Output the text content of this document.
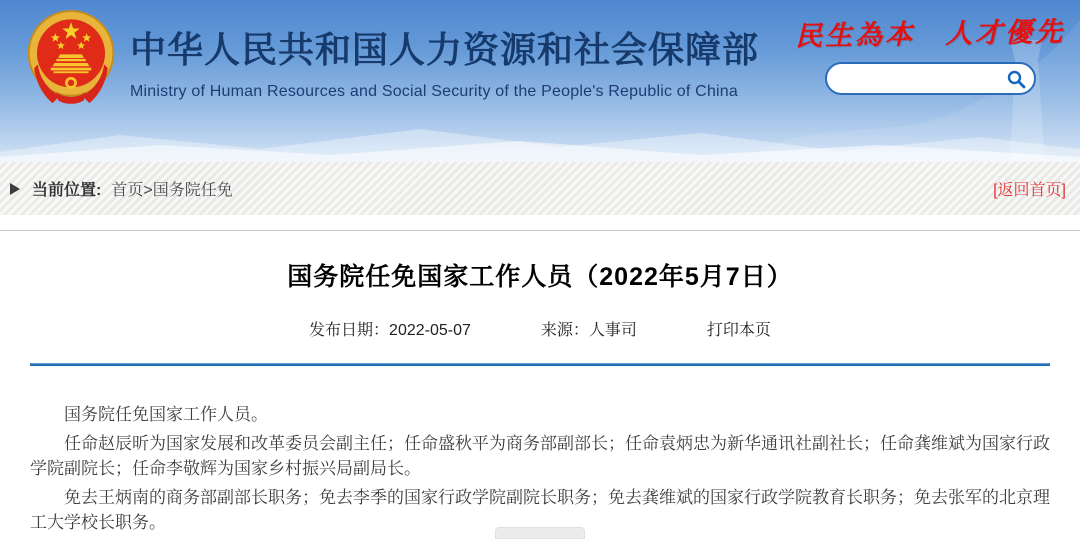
中华人民共和国人力资源和社会保障部
Ministry of Human Resources and Social Security of the People's Republic of China
民生為本　人才優先
当前位置: 首页>国务院任免	[返回首页]
国务院任免国家工作人员（2022年5月7日）
发布日期：2022-05-07	来源：人事司	打印本页

国务院任免国家工作人员。

任命赵辰昕为国家发展和改革委员会副主任；任命盛秋平为商务部副部长；任命袁炳忠为新华通讯社副社长；任命龚维斌为国家行政学院副院长；任命李敬辉为国家乡村振兴局副局长。

免去王炳南的商务部副部长职务；免去李季的国家行政学院副院长职务；免去龚维斌的国家行政学院教育长职务；免去张军的北京理工大学校长职务。
